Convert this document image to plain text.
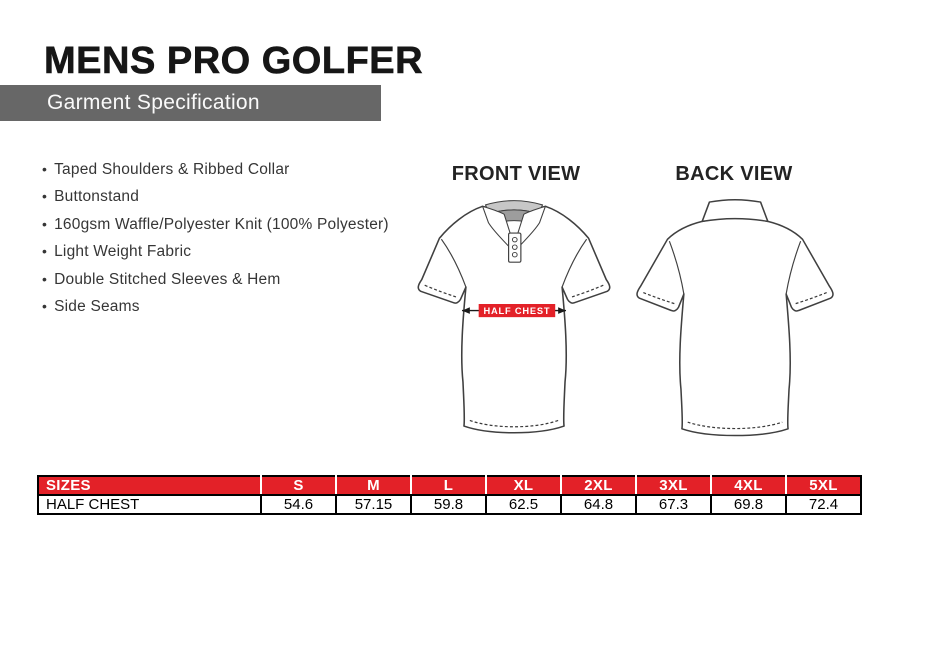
MENS PRO GOLFER
Garment Specification
• Taped Shoulders & Ribbed Collar
• Buttonstand
• 160gsm Waffle/Polyester Knit (100% Polyester)
• Light Weight Fabric
• Double Stitched Sleeves & Hem
• Side Seams
FRONT VIEW	BACK VIEW
HALF CHEST
SIZES	S	M	L	XL	2XL	3XL	4XL	5XL
HALF CHEST	54.6	57.15	59.8	62.5	64.8	67.3	69.8	72.4
